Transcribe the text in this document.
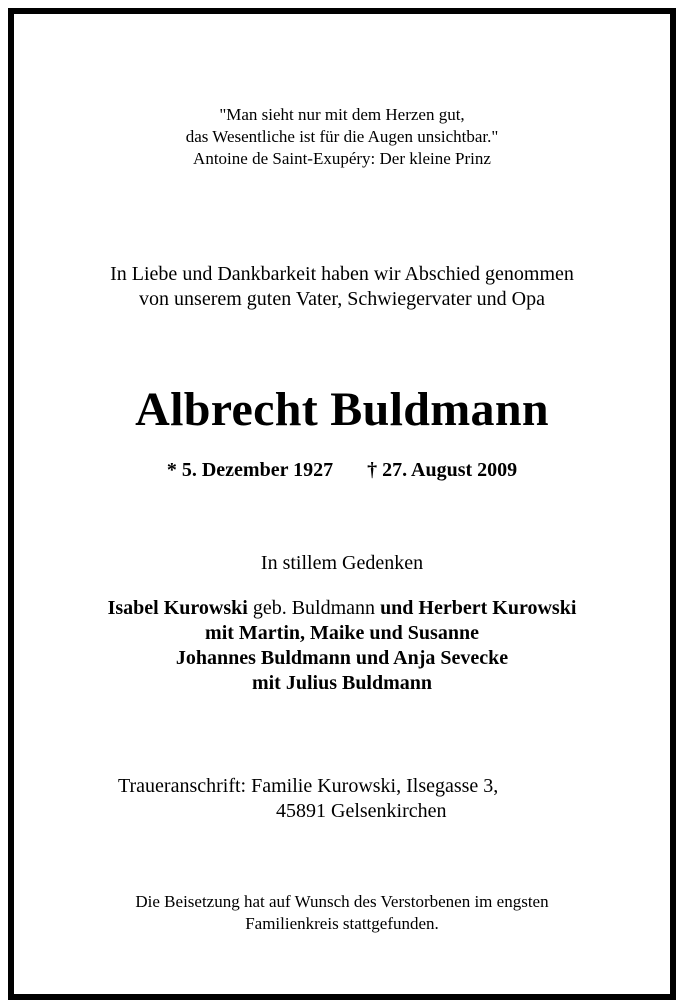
"Man sieht nur mit dem Herzen gut,
das Wesentliche ist für die Augen unsichtbar."
Antoine de Saint-Exupéry: Der kleine Prinz
In Liebe und Dankbarkeit haben wir Abschied genommen
von unserem guten Vater, Schwiegervater und Opa
Albrecht Buldmann
* 5. Dezember 1927 † 27. August 2009
In stillem Gedenken
Isabel Kurowski geb. Buldmann und Herbert Kurowski
mit Martin, Maike und Susanne
Johannes Buldmann und Anja Sevecke
mit Julius Buldmann
Traueranschrift: Familie Kurowski, Ilsegasse 3,
45891 Gelsenkirchen
Die Beisetzung hat auf Wunsch des Verstorbenen im engsten
Familienkreis stattgefunden.
